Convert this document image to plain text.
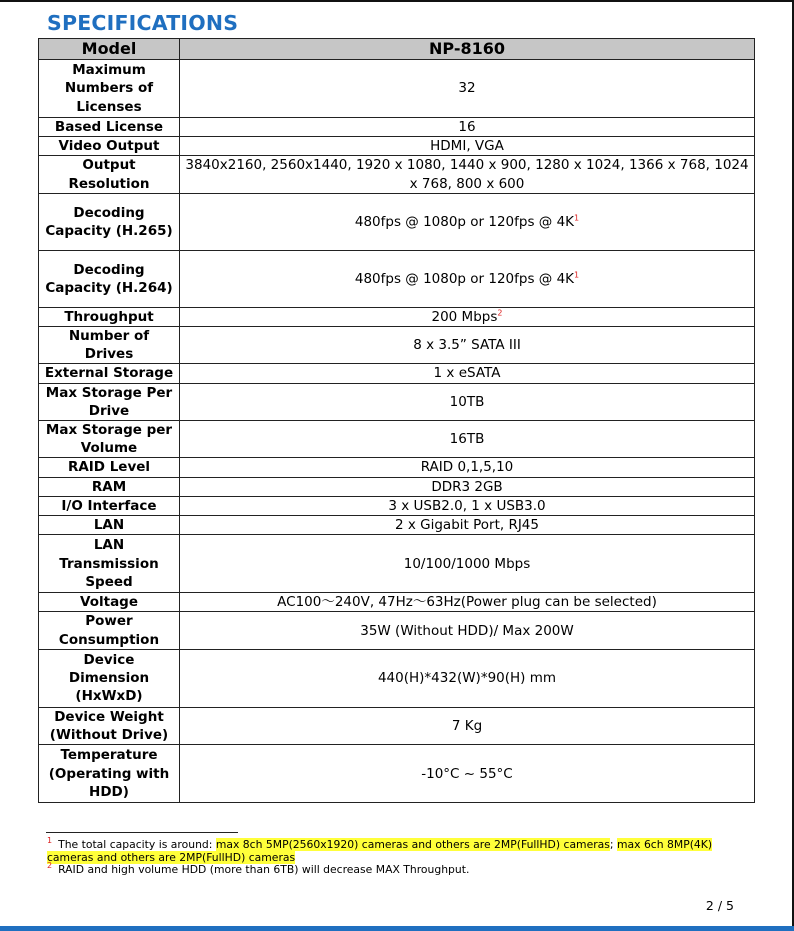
SPECIFICATIONS
Model	NP-8160
Maximum Numbers of Licenses	32
Based License	16
Video Output	HDMI, VGA
Output Resolution	3840x2160, 2560x1440, 1920 x 1080, 1440 x 900, 1280 x 1024, 1366 x 768, 1024 x 768, 800 x 600
Decoding Capacity (H.265)	480fps @ 1080p or 120fps @ 4K$^1$
Decoding Capacity (H.264)	480fps @ 1080p or 120fps @ 4K$^1$
Throughput	200 Mbps$^2$
Number of Drives	8 x 3.5” SATA III
External Storage	1 x eSATA
Max Storage Per Drive	10TB
Max Storage per Volume	16TB
RAID Level	RAID 0,1,5,10
RAM	DDR3 2GB
I/O Interface	3 x USB2.0, 1 x USB3.0
LAN	2 x Gigabit Port, RJ45
LAN Transmission Speed	10/100/1000 Mbps
Voltage	AC100～240V, 47Hz～63Hz(Power plug can be selected)
Power Consumption	35W (Without HDD)/ Max 200W
Device Dimension (HxWxD)	440(H)*432(W)*90(H) mm
Device Weight (Without Drive)	7 Kg
Temperature (Operating with HDD)	-10°C ~ 55°C

$^1$ The total capacity is around: max 8ch 5MP(2560x1920) cameras and others are 2MP(FullHD) cameras; max 6ch 8MP(4K) cameras and others are 2MP(FullHD) cameras

$^2$ RAID and high volume HDD (more than 6TB) will decrease MAX Throughput.

2 / 5
